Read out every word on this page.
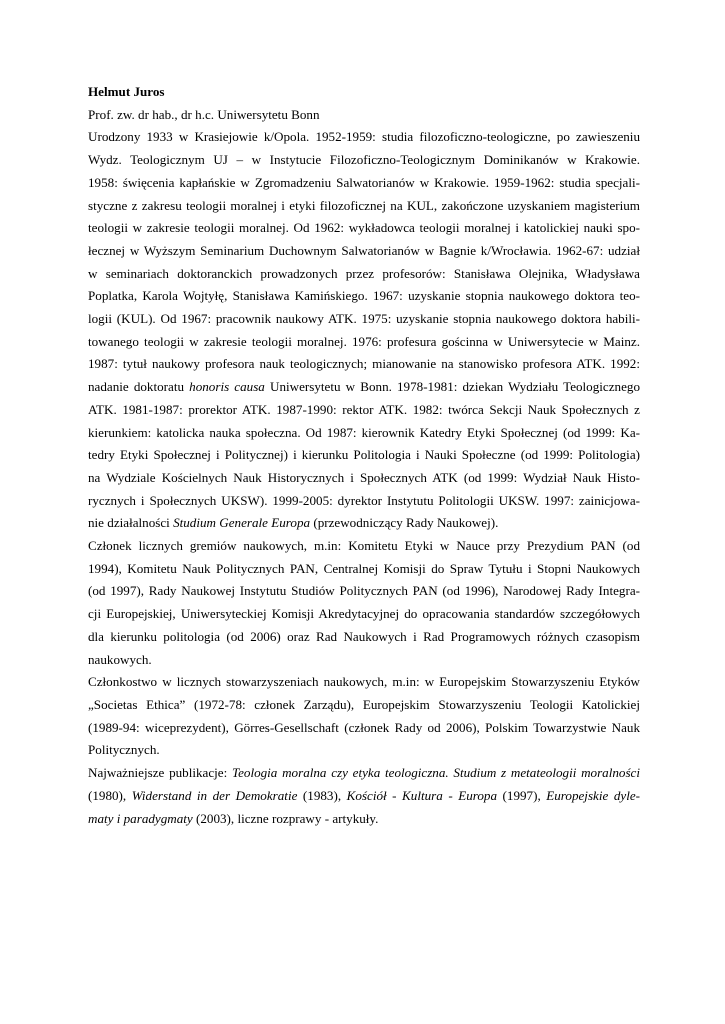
Helmut Juros

Prof. zw. dr hab., dr h.c. Uniwersytetu Bonn

Urodzony 1933 w Krasiejowie k/Opola. 1952-1959: studia filozoficzno-teologiczne, po zawieszeniu
Wydz. Teologicznym UJ – w Instytucie Filozoficzno-Teologicznym Dominikanów w Krakowie.
1958: święcenia kapłańskie w Zgromadzeniu Salwatorianów w Krakowie. 1959-1962: studia specjali-
styczne z zakresu teologii moralnej i etyki filozoficznej na KUL, zakończone uzyskaniem magisterium
teologii w zakresie teologii moralnej. Od 1962: wykładowca teologii moralnej i katolickiej nauki spo-
łecznej w Wyższym Seminarium Duchownym Salwatorianów w Bagnie k/Wrocławia. 1962-67: udział
w seminariach doktoranckich prowadzonych przez profesorów: Stanisława Olejnika, Władysława
Poplatka, Karola Wojtyłę, Stanisława Kamińskiego. 1967: uzyskanie stopnia naukowego doktora teo-
logii (KUL). Od 1967: pracownik naukowy ATK. 1975: uzyskanie stopnia naukowego doktora habili-
towanego teologii w zakresie teologii moralnej. 1976: profesura gościnna w Uniwersytecie w Mainz.
1987: tytuł naukowy profesora nauk teologicznych; mianowanie na stanowisko profesora ATK. 1992:
nadanie doktoratu honoris causa Uniwersytetu w Bonn. 1978-1981: dziekan Wydziału Teologicznego
ATK. 1981-1987: prorektor ATK. 1987-1990: rektor ATK. 1982: twórca Sekcji Nauk Społecznych z
kierunkiem: katolicka nauka społeczna. Od 1987: kierownik Katedry Etyki Społecznej (od 1999: Ka-
tedry Etyki Społecznej i Politycznej) i kierunku Politologia i Nauki Społeczne (od 1999: Politologia)
na Wydziale Kościelnych Nauk Historycznych i Społecznych ATK (od 1999: Wydział Nauk Histo-
rycznych i Społecznych UKSW). 1999-2005: dyrektor Instytutu Politologii UKSW. 1997: zainicjowa-
nie działalności Studium Generale Europa (przewodniczący Rady Naukowej).
Członek licznych gremiów naukowych, m.in: Komitetu Etyki w Nauce przy Prezydium PAN (od
1994), Komitetu Nauk Politycznych PAN, Centralnej Komisji do Spraw Tytułu i Stopni Naukowych
(od 1997), Rady Naukowej Instytutu Studiów Politycznych PAN (od 1996), Narodowej Rady Integra-
cji Europejskiej, Uniwersyteckiej Komisji Akredytacyjnej do opracowania standardów szczegółowych
dla kierunku politologia (od 2006) oraz Rad Naukowych i Rad Programowych różnych czasopism
naukowych.
Członkostwo w licznych stowarzyszeniach naukowych, m.in: w Europejskim Stowarzyszeniu Etyków
„Societas Ethica” (1972-78: członek Zarządu), Europejskim Stowarzyszeniu Teologii Katolickiej
(1989-94: wiceprezydent), Görres-Gesellschaft (członek Rady od 2006), Polskim Towarzystwie Nauk
Politycznych.
Najważniejsze publikacje: Teologia moralna czy etyka teologiczna. Studium z metateologii moralności
(1980), Widerstand in der Demokratie (1983), Kościół - Kultura - Europa (1997), Europejskie dyle-
maty i paradygmaty (2003), liczne rozprawy - artykuły.
